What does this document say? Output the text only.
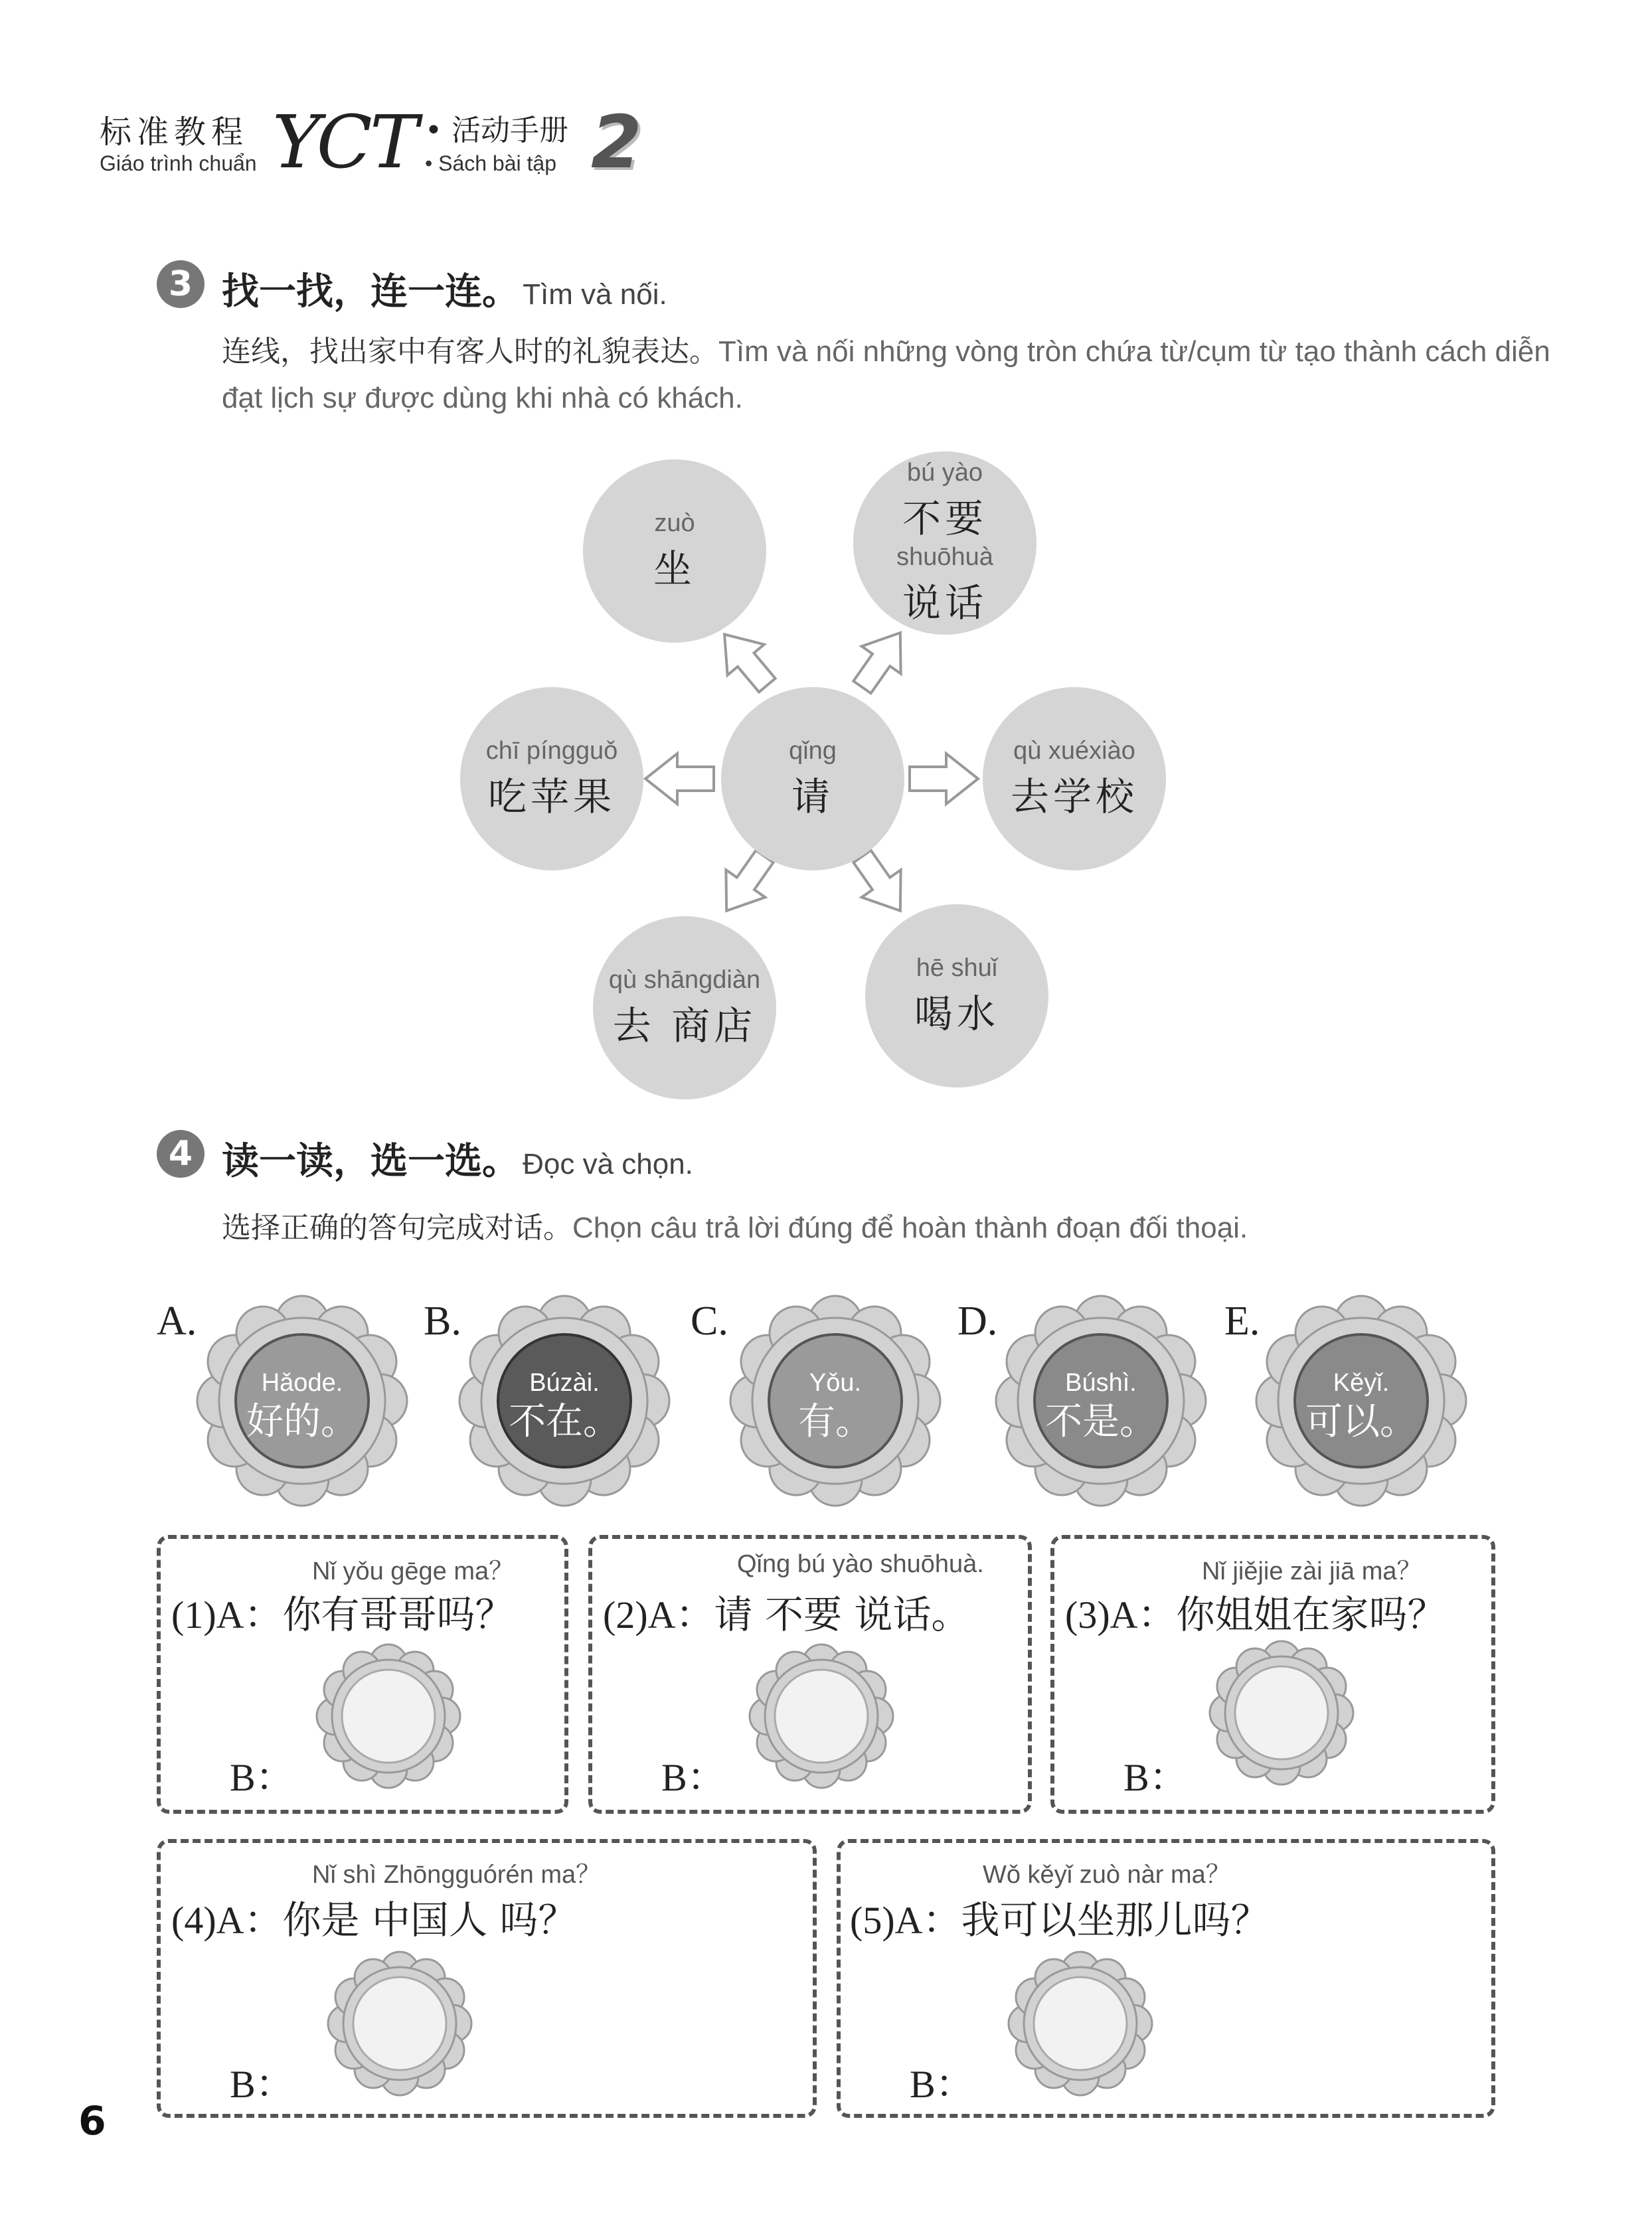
标准教程
Giáo trình chuẩn YCT • 活动手册
• Sách bài tập 2
3 找一找，连一连。 Tìm và nối.
连线，找出家中有客人时的礼貌表达。Tìm và nối những vòng tròn chứa từ/cụm từ tạo thành cách diễn đạt lịch sự được dùng khi nhà có khách.
qǐng
请
zuò
坐
bú yào
不要
shuōhuà
说话
chī píngguǒ
吃苹果
qù xuéxiào
去学校
qù shāngdiàn
去 商店
hē shuǐ
喝水
4 读一读，选一选。 Đọc và chọn.
选择正确的答句完成对话。Chọn câu trả lời đúng để hoàn thành đoạn đối thoại.
A.	B.	C.	D.	E.
Hǎode.
好的。
Búzài.
不在。
Yǒu.
有。
Búshì.
不是。
Kěyǐ.
可以。
Nǐ yǒu gēge ma？
(1)A：你有哥哥吗？
B：
Qǐng bú yào shuōhuà.
(2)A：请 不要 说话。
B：
Nǐ jiějie zài jiā ma？
(3)A：你姐姐在家吗？
B：
Nǐ shì Zhōngguórén ma？
(4)A：你是 中国人 吗？
B：
Wǒ kěyǐ zuò nàr ma？
(5)A：我可以坐那儿吗？
B：
6
